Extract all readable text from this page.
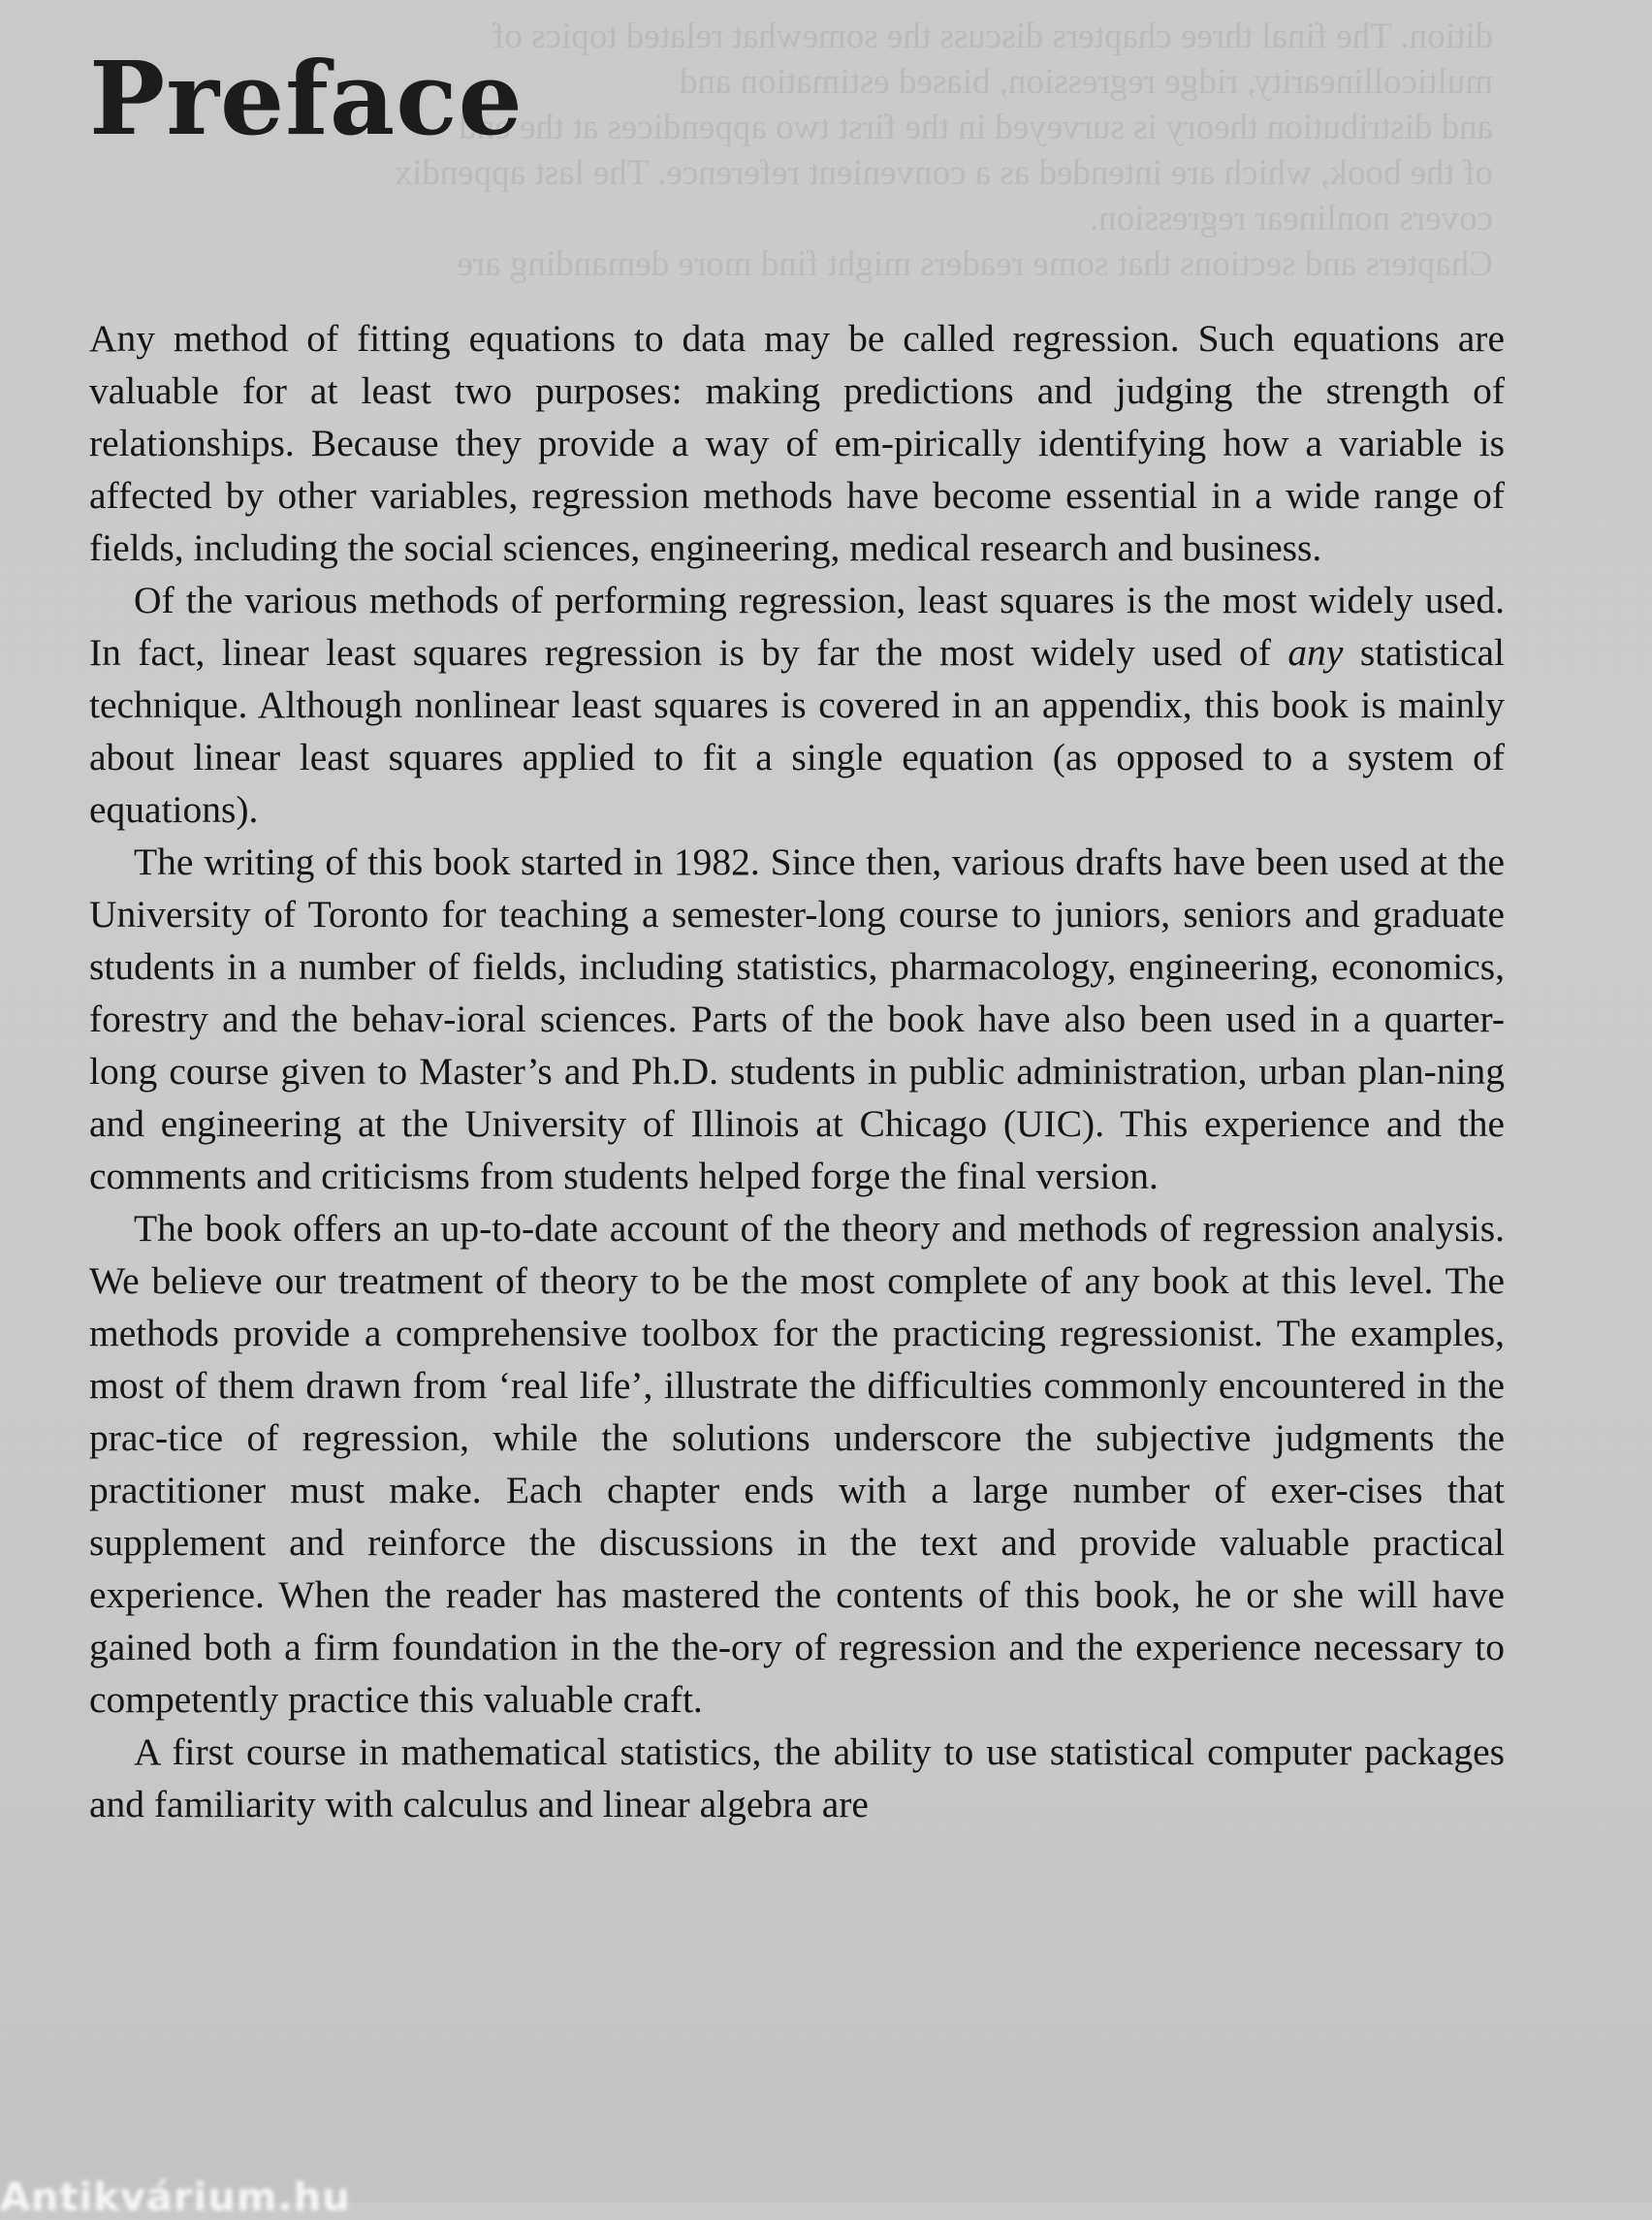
dition. The final three chapters discuss the somewhat related topics of
multicollinearity, ridge regression, biased estimation and
and distribution theory is surveyed in the first two appendices at the end
of the book, which are intended as a convenient reference. The last appendix
covers nonlinear regression.
Chapters and sections that some readers might find more demanding are
Preface

Any method of fitting equations to data may be called regression. Such equations are valuable for at least two purposes: making predictions and judging the strength of relationships. Because they provide a way of em-pirically identifying how a variable is affected by other variables, regression methods have become essential in a wide range of fields, including the social sciences, engineering, medical research and business.

Of the various methods of performing regression, least squares is the most widely used. In fact, linear least squares regression is by far the most widely used of any statistical technique. Although nonlinear least squares is covered in an appendix, this book is mainly about linear least squares applied to fit a single equation (as opposed to a system of equations).

The writing of this book started in 1982. Since then, various drafts have been used at the University of Toronto for teaching a semester-long course to juniors, seniors and graduate students in a number of fields, including statistics, pharmacology, engineering, economics, forestry and the behav-ioral sciences. Parts of the book have also been used in a quarter-long course given to Master’s and Ph.D. students in public administration, urban plan-ning and engineering at the University of Illinois at Chicago (UIC). This experience and the comments and criticisms from students helped forge the final version.

The book offers an up-to-date account of the theory and methods of regression analysis. We believe our treatment of theory to be the most complete of any book at this level. The methods provide a comprehensive toolbox for the practicing regressionist. The examples, most of them drawn from ‘real life’, illustrate the difficulties commonly encountered in the prac-tice of regression, while the solutions underscore the subjective judgments the practitioner must make. Each chapter ends with a large number of exer-cises that supplement and reinforce the discussions in the text and provide valuable practical experience. When the reader has mastered the contents of this book, he or she will have gained both a firm foundation in the the-ory of regression and the experience necessary to competently practice this valuable craft.

A first course in mathematical statistics, the ability to use statistical computer packages and familiarity with calculus and linear algebra are

Antikvárium.hu
